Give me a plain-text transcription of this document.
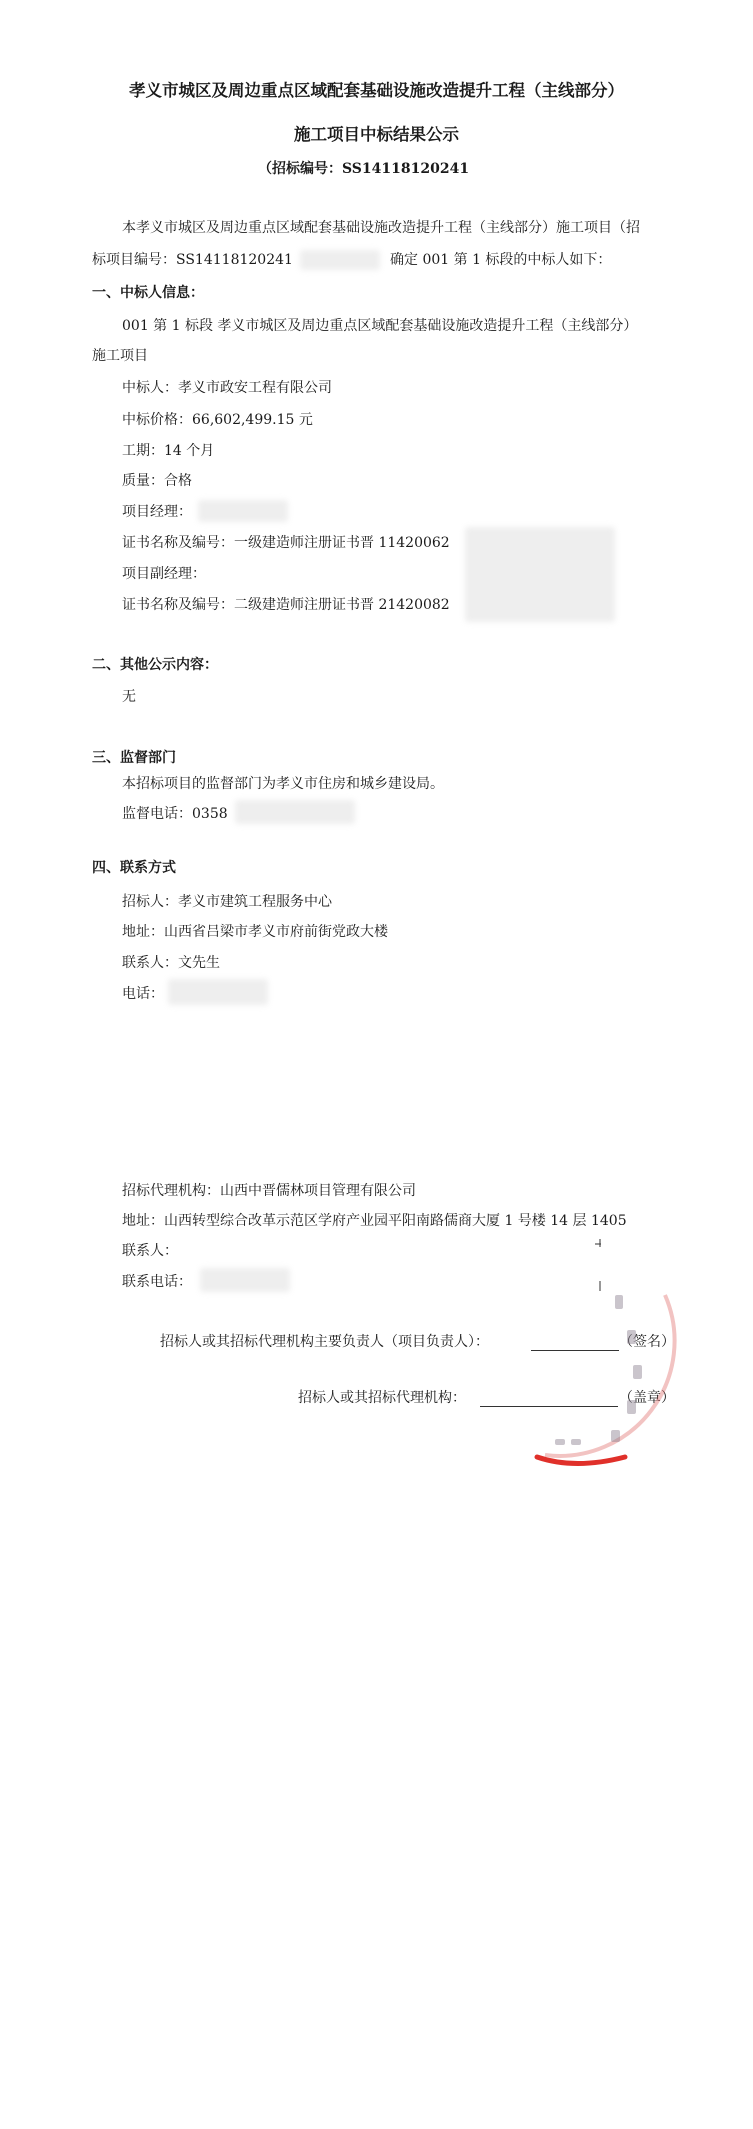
孝义市城区及周边重点区域配套基础设施改造提升工程（主线部分）
施工项目中标结果公示
（招标编号：SS14118120241
本孝义市城区及周边重点区域配套基础设施改造提升工程（主线部分）施工项目（招
标项目编号：SS14118120241	确定 001 第 1 标段的中标人如下：
一、中标人信息：
001 第 1 标段 孝义市城区及周边重点区域配套基础设施改造提升工程（主线部分）
施工项目
中标人：孝义市政安工程有限公司
中标价格：66,602,499.15 元
工期：14 个月
质量：合格
项目经理：
证书名称及编号：一级建造师注册证书晋 11420062
项目副经理：
证书名称及编号：二级建造师注册证书晋 21420082
二、其他公示内容：
无
三、监督部门
本招标项目的监督部门为孝义市住房和城乡建设局。
监督电话：0358
四、联系方式
招标人：孝义市建筑工程服务中心
地址：山西省吕梁市孝义市府前街党政大楼
联系人：文先生
电话：
招标代理机构：山西中晋儒林项目管理有限公司
地址：山西转型综合改革示范区学府产业园平阳南路儒商大厦 1 号楼 14 层 1405
联系人：
联系电话：
招标人或其招标代理机构主要负责人（项目负责人）：	（签名）
招标人或其招标代理机构：	（盖章）
